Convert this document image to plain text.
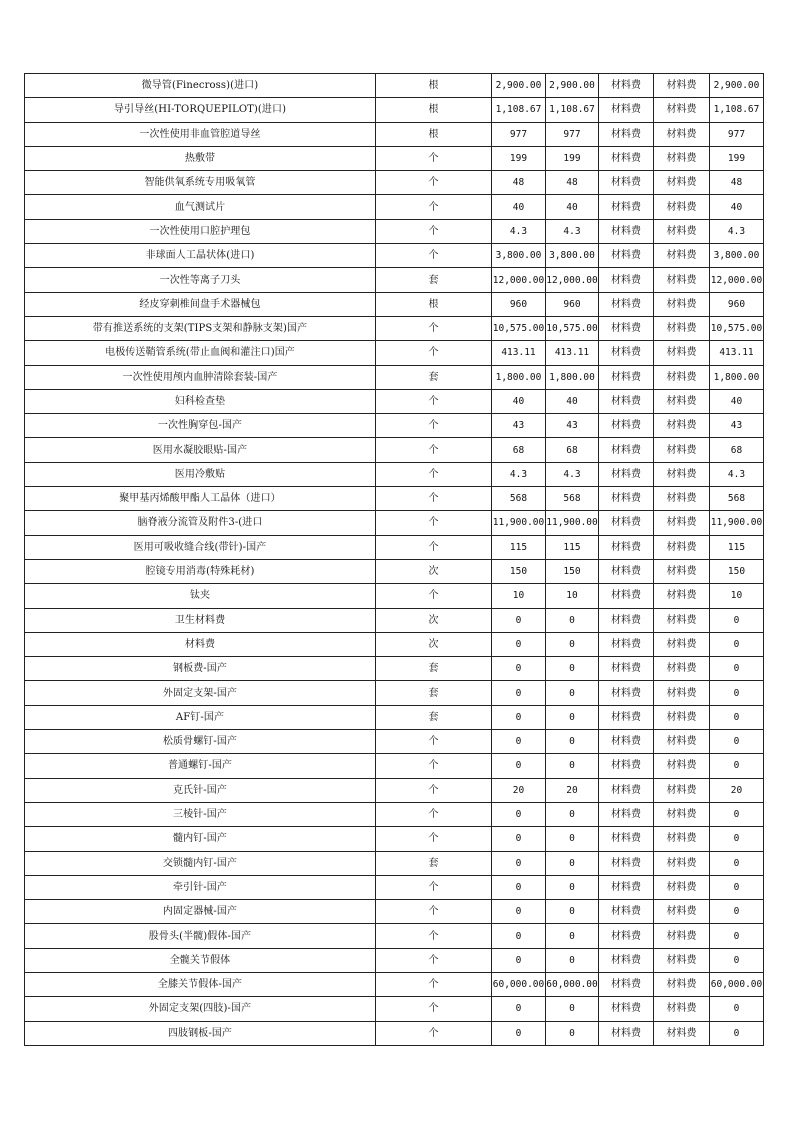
微导管(Finecross)(进口)	根	2,900.00	2,900.00	材料费	材料费	2,900.00
导引导丝(HI-TORQUEPILOT)(进口)	根	1,108.67	1,108.67	材料费	材料费	1,108.67
一次性使用非血管腔道导丝	根	977	977	材料费	材料费	977
热敷带	个	199	199	材料费	材料费	199
智能供氧系统专用吸氧管	个	48	48	材料费	材料费	48
血气测试片	个	40	40	材料费	材料费	40
一次性使用口腔护理包	个	4.3	4.3	材料费	材料费	4.3
非球面人工晶状体(进口)	个	3,800.00	3,800.00	材料费	材料费	3,800.00
一次性等离子刀头	套	12,000.00	12,000.00	材料费	材料费	12,000.00
经皮穿刺椎间盘手术器械包	根	960	960	材料费	材料费	960
带有推送系统的支架(TIPS支架和静脉支架)国产	个	10,575.00	10,575.00	材料费	材料费	10,575.00
电极传送鞘管系统(带止血阀和灌注口)国产	个	413.11	413.11	材料费	材料费	413.11
一次性使用颅内血肿清除套装-国产	套	1,800.00	1,800.00	材料费	材料费	1,800.00
妇科检查垫	个	40	40	材料费	材料费	40
一次性胸穿包-国产	个	43	43	材料费	材料费	43
医用水凝胶眼贴-国产	个	68	68	材料费	材料费	68
医用冷敷贴	个	4.3	4.3	材料费	材料费	4.3
聚甲基丙烯酸甲酯人工晶体（进口）	个	568	568	材料费	材料费	568
脑脊液分流管及附件3-(进口	个	11,900.00	11,900.00	材料费	材料费	11,900.00
医用可吸收缝合线(带针)-国产	个	115	115	材料费	材料费	115
腔镜专用消毒(特殊耗材)	次	150	150	材料费	材料费	150
钛夹	个	10	10	材料费	材料费	10
卫生材料费	次	0	0	材料费	材料费	0
材料费	次	0	0	材料费	材料费	0
钢板费-国产	套	0	0	材料费	材料费	0
外固定支架-国产	套	0	0	材料费	材料费	0
AF钉-国产	套	0	0	材料费	材料费	0
松质骨螺钉-国产	个	0	0	材料费	材料费	0
普通螺钉-国产	个	0	0	材料费	材料费	0
克氏针-国产	个	20	20	材料费	材料费	20
三棱针-国产	个	0	0	材料费	材料费	0
髓内钉-国产	个	0	0	材料费	材料费	0
交锁髓内钉-国产	套	0	0	材料费	材料费	0
牵引针-国产	个	0	0	材料费	材料费	0
内固定器械-国产	个	0	0	材料费	材料费	0
股骨头(半髋)假体-国产	个	0	0	材料费	材料费	0
全髋关节假体	个	0	0	材料费	材料费	0
全膝关节假体-国产	个	60,000.00	60,000.00	材料费	材料费	60,000.00
外固定支架(四肢)-国产	个	0	0	材料费	材料费	0
四肢钢板-国产	个	0	0	材料费	材料费	0
